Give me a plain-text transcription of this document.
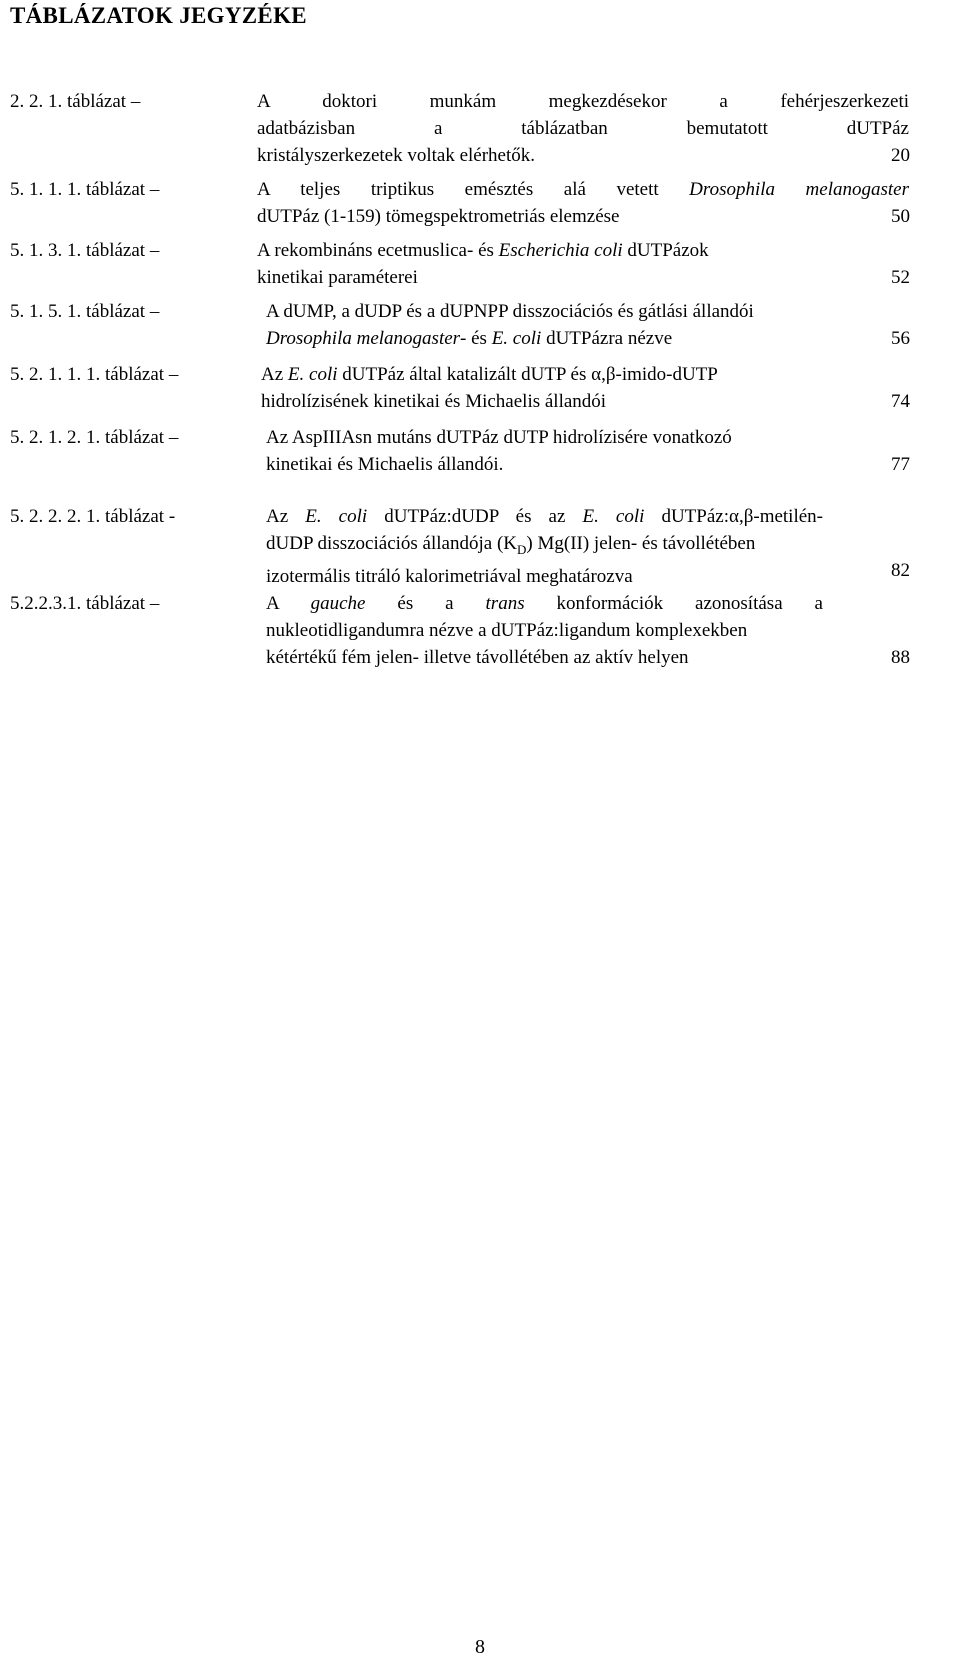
TÁBLÁZATOK JEGYZÉKE
2. 2. 1. táblázat –	A doktori munkám megkezdésekor a fehérjeszerkezeti
adatbázisban a táblázatban bemutatott dUTPáz
kristályszerkezetek voltak elérhetők.	20
5. 1. 1. 1. táblázat –	A teljes triptikus emésztés alá vetett Drosophila melanogaster
dUTPáz (1-159) tömegspektrometriás elemzése	50
5. 1. 3. 1. táblázat –	A rekombináns ecetmuslica- és Escherichia coli dUTPázok
kinetikai paraméterei	52
5. 1. 5. 1. táblázat –	A dUMP, a dUDP és a dUPNPP disszociációs és gátlási állandói
Drosophila melanogaster- és E. coli dUTPázra nézve	56
5. 2. 1. 1. 1. táblázat –	Az E. coli dUTPáz által katalizált dUTP és α,β-imido-dUTP
hidrolízisének kinetikai és Michaelis állandói	74
5. 2. 1. 2. 1. táblázat –	Az AspIIIAsn mutáns dUTPáz dUTP hidrolízisére vonatkozó
kinetikai és Michaelis állandói.	77
5. 2. 2. 2. 1. táblázat -	Az E. coli dUTPáz:dUDP és az E. coli dUTPáz:α,β-metilén-
dUDP disszociációs állandója $(K_D)$ Mg(II) jelen- és távollétében
izotermális titráló kalorimetriával meghatározva	82
5.2.2.3.1. táblázat –	A gauche és a trans konformációk azonosítása a
nukleotidligandumra nézve a dUTPáz:ligandum komplexekben
kétértékű fém jelen- illetve távollétében az aktív helyen	88
8
